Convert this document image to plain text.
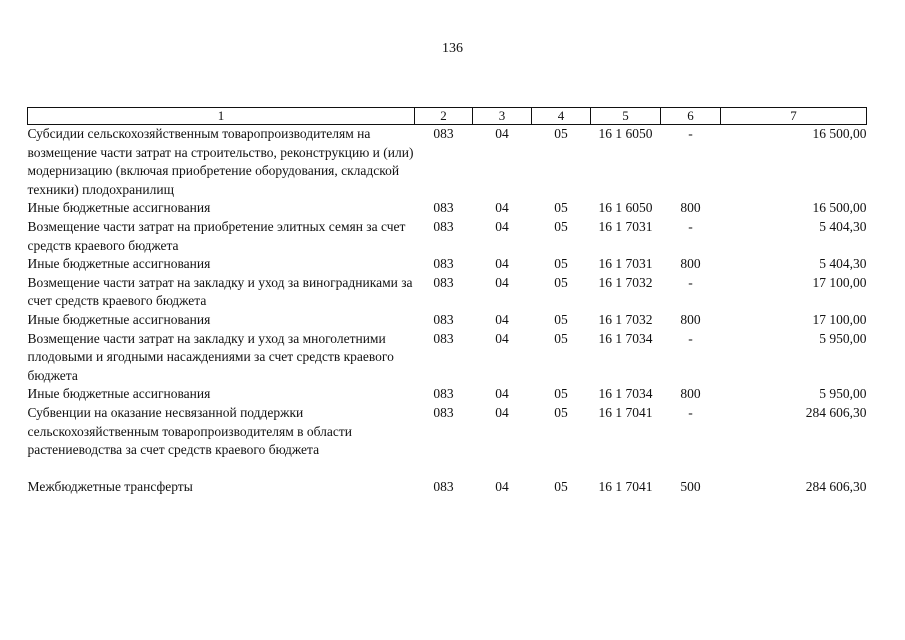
136
1	2	3	4	5	6	7
Субсидии сельскохозяйственным товаропроизводителям на возмещение части затрат на строительство, реконструкцию и (или) модернизацию (включая приобретение оборудования, складской техники) плодохранилищ	083	04	05	16 1 6050	-	16 500,00
Иные бюджетные ассигнования	083	04	05	16 1 6050	800	16 500,00
Возмещение части затрат на приобретение элитных семян за счет средств краевого бюджета	083	04	05	16 1 7031	-	5 404,30
Иные бюджетные ассигнования	083	04	05	16 1 7031	800	5 404,30
Возмещение части затрат на закладку и уход за виноградниками за счет средств краевого бюджета	083	04	05	16 1 7032	-	17 100,00
Иные бюджетные ассигнования	083	04	05	16 1 7032	800	17 100,00
Возмещение части затрат на закладку и уход за многолетними плодовыми и ягодными насаждениями за счет средств краевого бюджета	083	04	05	16 1 7034	-	5 950,00
Иные бюджетные ассигнования	083	04	05	16 1 7034	800	5 950,00
Субвенции на оказание несвязанной поддержки сельскохозяйственным товаропроизводителям в области растениеводства за счет средств краевого бюджета	083	04	05	16 1 7041	-	284 606,30
Межбюджетные трансферты	083	04	05	16 1 7041	500	284 606,30
